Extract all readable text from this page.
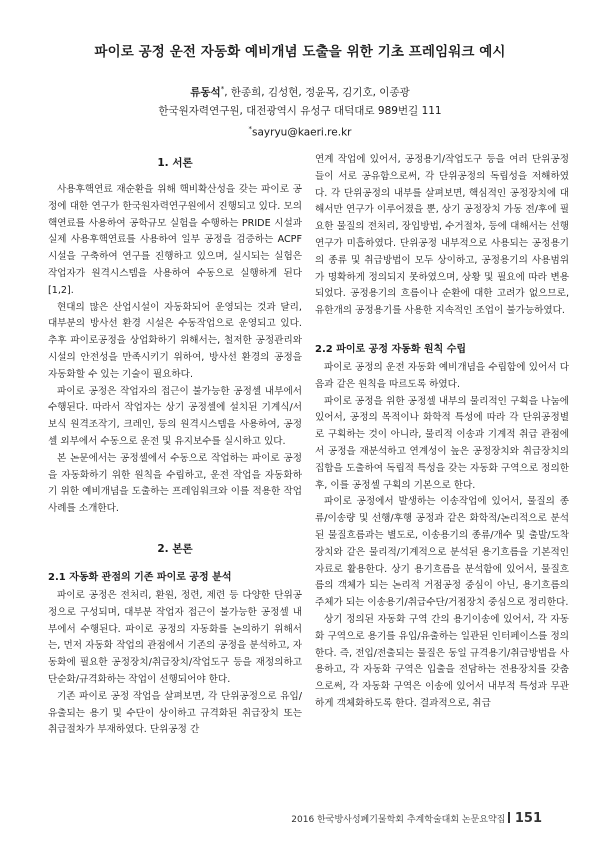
파이로 공정 운전 자동화 예비개념 도출을 위한 기초 프레임워크 예시
류동석*, 한종희, 김성현, 정윤목, 김기호, 이종광
한국원자력연구원, 대전광역시 유성구 대덕대로 989번길 111
*sayryu@kaeri.re.kr
1. 서론

사용후핵연료 재순환을 위해 핵비확산성을 갖는 파이로 공정에 대한 연구가 한국원자력연구원에서 진행되고 있다. 모의핵연료를 사용하여 공학규모 실험을 수행하는 PRIDE 시설과 실제 사용후핵연료를 사용하여 일부 공정을 검증하는 ACPF 시설을 구축하여 연구를 진행하고 있으며, 실시되는 실험은 작업자가 원격시스템을 사용하여 수동으로 실행하게 된다 [1,2].

현대의 많은 산업시설이 자동화되어 운영되는 것과 달리, 대부분의 방사선 환경 시설은 수동작업으로 운영되고 있다. 추후 파이로공정을 상업화하기 위해서는, 철저한 공정관리와 시설의 안전성을 만족시키기 위하여, 방사선 환경의 공정을 자동화할 수 있는 기술이 필요하다.

파이로 공정은 작업자의 접근이 불가능한 공정셀 내부에서 수행된다. 따라서 작업자는 상기 공정셀에 설치된 기계식/서보식 원격조작기, 크레인, 등의 원격시스템을 사용하여, 공정셀 외부에서 수동으로 운전 및 유지보수를 실시하고 있다.

본 논문에서는 공정셀에서 수동으로 작업하는 파이로 공정을 자동화하기 위한 원칙을 수립하고, 운전 작업을 자동화하기 위한 예비개념을 도출하는 프레임워크와 이를 적용한 작업사례를 소개한다.

2. 본론
2.1 자동화 관점의 기존 파이로 공정 분석

파이로 공정은 전처리, 환원, 정련, 제련 등 다양한 단위공정으로 구성되며, 대부분 작업자 접근이 불가능한 공정셀 내부에서 수행된다. 파이로 공정의 자동화를 논의하기 위해서는, 먼저 자동화 작업의 관점에서 기존의 공정을 분석하고, 자동화에 필요한 공정장치/취급장치/작업도구 등을 재정의하고 단순화/규격화하는 작업이 선행되어야 한다.

기존 파이로 공정 작업을 살펴보면, 각 단위공정으로 유입/유출되는 용기 및 수단이 상이하고 규격화된 취급장치 또는 취급절차가 부재하였다. 단위공정 간

연계 작업에 있어서, 공정용기/작업도구 등을 여러 단위공정들이 서로 공유함으로써, 각 단위공정의 독립성을 저해하였다. 각 단위공정의 내부를 살펴보면, 핵심적인 공정장치에 대해서만 연구가 이루어졌을 뿐, 상기 공정장치 가동 전/후에 필요한 물질의 전처리, 장입방법, 수거절차, 등에 대해서는 선행연구가 미흡하였다. 단위공정 내부적으로 사용되는 공정용기의 종류 및 취급방법이 모두 상이하고, 공정용기의 사용범위가 명확하게 정의되지 못하였으며, 상황 및 필요에 따라 변용되었다. 공정용기의 흐름이나 순환에 대한 고려가 없으므로, 유한개의 공정용기를 사용한 지속적인 조업이 불가능하였다.

2.2 파이로 공정 자동화 원칙 수립

파이로 공정의 운전 자동화 예비개념을 수립함에 있어서 다음과 같은 원칙을 따르도록 하였다.

파이로 공정을 위한 공정셀 내부의 물리적인 구획을 나눔에 있어서, 공정의 목적이나 화학적 특성에 따라 각 단위공정별로 구획하는 것이 아니라, 물리적 이송과 기계적 취급 관점에서 공정을 재분석하고 연계성이 높은 공정장치와 취급장치의 집합을 도출하여 독립적 특성을 갖는 자동화 구역으로 정의한 후, 이를 공정셀 구획의 기본으로 한다.

파이로 공정에서 발생하는 이송작업에 있어서, 물질의 종류/이송량 및 선행/후행 공정과 같은 화학적/논리적으로 분석된 물질흐름과는 별도로, 이송용기의 종류/개수 및 출발/도착 장치와 같은 물리적/기계적으로 분석된 용기흐름을 기본적인 자료로 활용한다. 상기 용기흐름을 분석함에 있어서, 물질흐름의 객체가 되는 논리적 거점공정 중심이 아닌, 용기흐름의 주체가 되는 이송용기/취급수단/거점장치 중심으로 정리한다.

상기 정의된 자동화 구역 간의 용기이송에 있어서, 각 자동화 구역으로 용기를 유입/유출하는 일관된 인터페이스를 정의한다. 즉, 전입/전출되는 물질은 동일 규격용기/취급방법을 사용하고, 각 자동화 구역은 입출을 전담하는 전용장치를 갖춤으로써, 각 자동화 구역은 이송에 있어서 내부적 특성과 무관하게 객체화하도록 한다. 결과적으로, 취급

2016 한국방사성폐기물학회 추계학술대회 논문요약집 151
